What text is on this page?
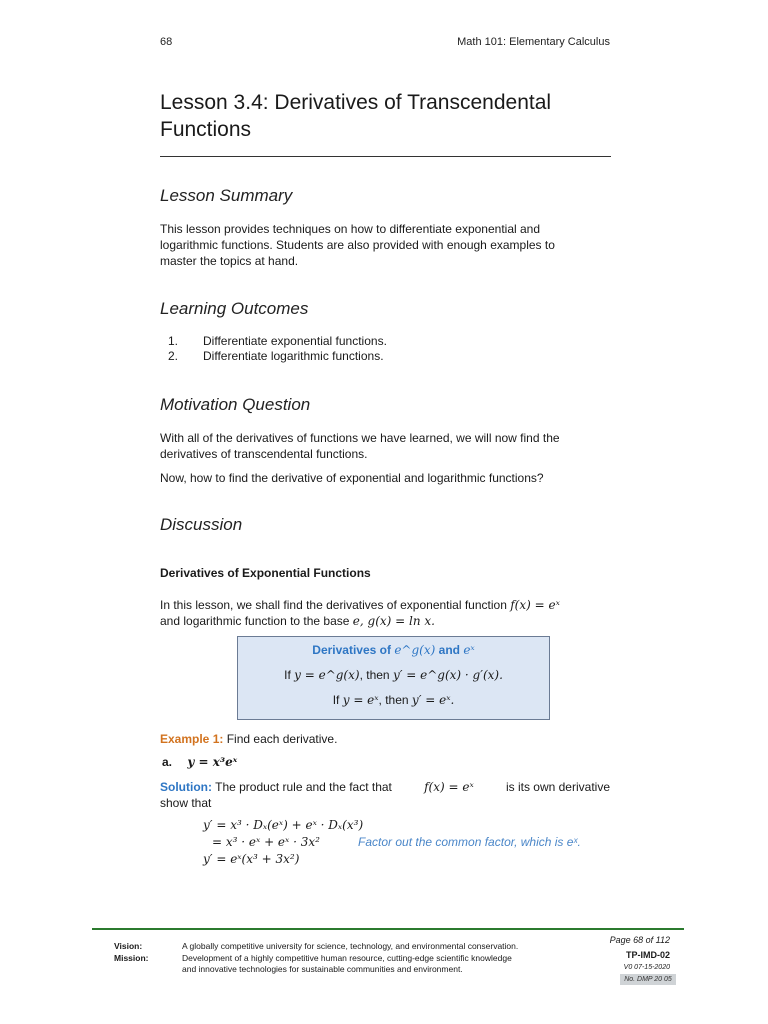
68	Math 101: Elementary Calculus
Lesson 3.4: Derivatives of Transcendental
Functions
Lesson Summary
This lesson provides techniques on how to differentiate exponential and
logarithmic functions. Students are also provided with enough examples to
master the topics at hand.
Learning Outcomes
1. Differentiate exponential functions.
2. Differentiate logarithmic functions.
Motivation Question
With all of the derivatives of functions we have learned, we will now find the
derivatives of transcendental functions.
Now, how to find the derivative of exponential and logarithmic functions?
Discussion
Derivatives of Exponential Functions
In this lesson, we shall find the derivatives of exponential function f(x) = eˣ
and logarithmic function to the base e, g(x) = ln x.
Derivatives of e^g(x) and eˣ
If y = e^g(x), then y′ = e^g(x) · g′(x).
If y = eˣ, then y′ = eˣ.
Example 1: Find each derivative.
a. y = x³eˣ
Solution: The product rule and the fact that	f(x) = eˣ	is its own derivative
show that
y′ = x³ · Dₓ(eˣ) + eˣ · Dₓ(x³)
= x³ · eˣ + eˣ · 3x²	Factor out the common factor, which is eˣ.
y′ = eˣ(x³ + 3x²)
Vision:	A globally competitive university for science, technology, and environmental conservation.
Mission:	Development of a highly competitive human resource, cutting-edge scientific knowledge
and innovative technologies for sustainable communities and environment.
Page 68 of 112
TP-IMD-02
V0 07-15-2020
No. DMP 20 05
